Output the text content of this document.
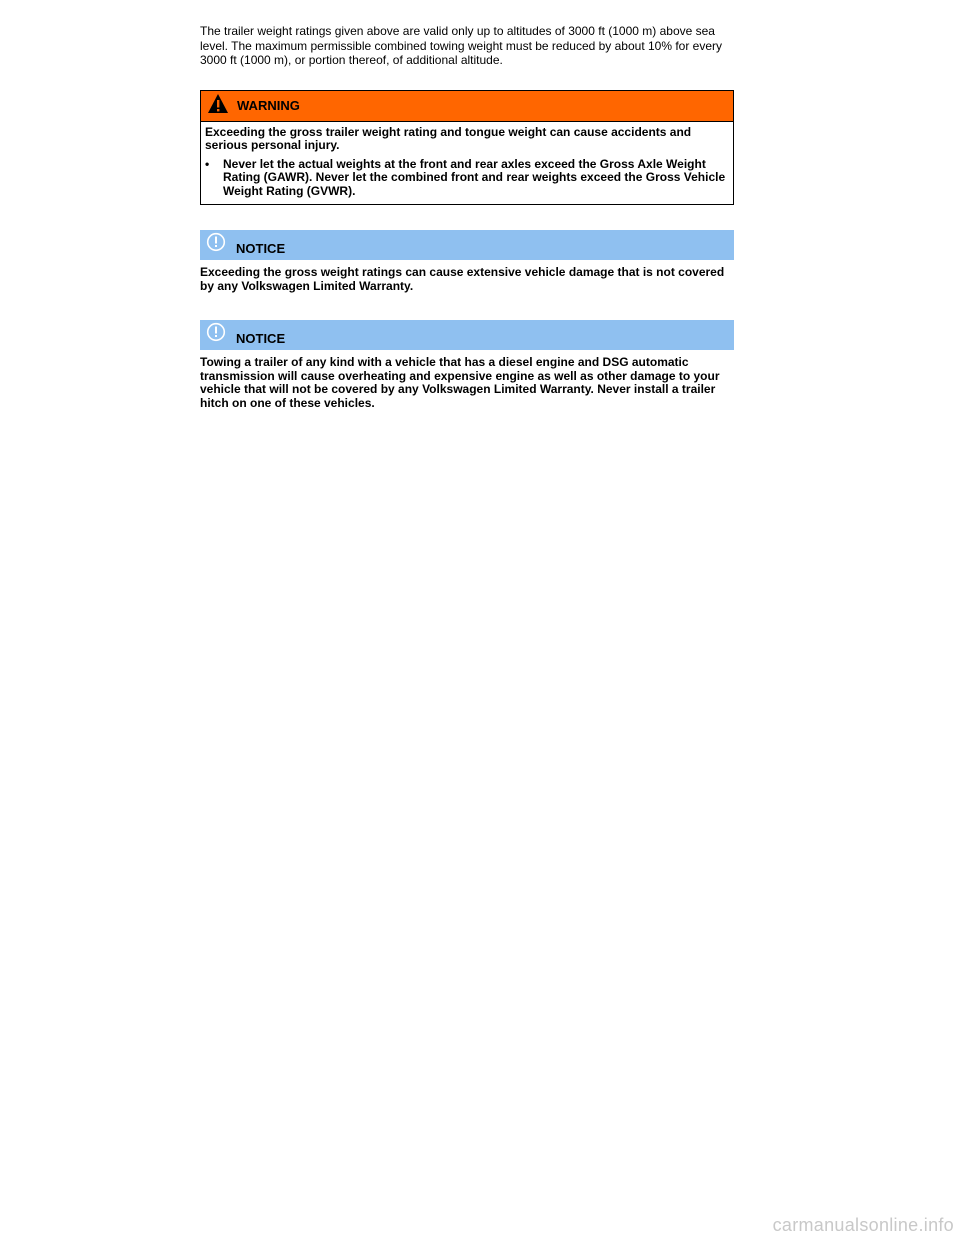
The trailer weight ratings given above are valid only up to altitudes of 3000 ft (1000 m) above sea level. The maximum permissible combined towing weight must be reduced by about 10% for every 3000 ft (1000 m), or portion thereof, of additional altitude.

WARNING

Exceeding the gross trailer weight rating and tongue weight can cause accidents and serious personal injury.

•	Never let the actual weights at the front and rear axles exceed the Gross Axle Weight Rating (GAWR). Never let the combined front and rear weights exceed the Gross Vehicle Weight Rating (GVWR).
NOTICE

Exceeding the gross weight ratings can cause extensive vehicle damage that is not covered by any Volkswagen Limited Warranty.

NOTICE

Towing a trailer of any kind with a vehicle that has a diesel engine and DSG automatic transmission will cause overheating and expensive engine as well as other damage to your vehicle that will not be covered by any Volkswagen Limited Warranty. Never install a trailer hitch on one of these vehicles.

carmanualsonline.info
